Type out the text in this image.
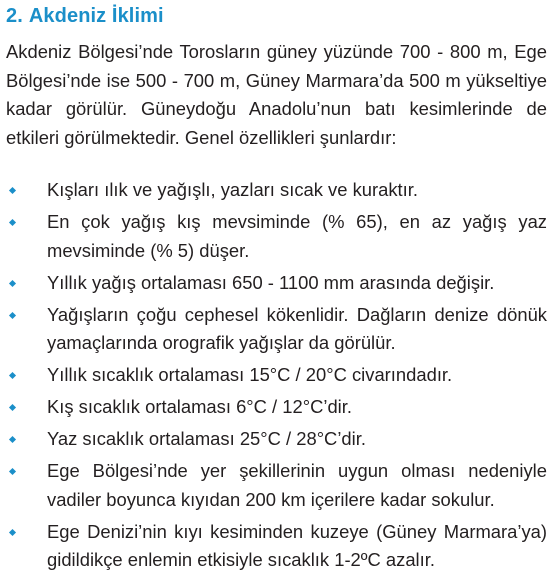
2. Akdeniz İklimi

Akdeniz Bölgesi’nde Torosların güney yüzünde 700 - 800 m, Ege Bölgesi’nde ise 500 - 700 m, Güney Marmara’da 500 m yükseltiye kadar görülür. Güneydoğu Anadolu’nun batı kesimlerinde de etkileri görülmektedir. Genel özellikleri şunlardır:

Kışları ılık ve yağışlı, yazları sıcak ve kuraktır.
En çok yağış kış mevsiminde (% 65), en az yağış yaz mevsiminde (% 5) düşer.
Yıllık yağış ortalaması 650 - 1100 mm arasında değişir.
Yağışların çoğu cephesel kökenlidir. Dağların denize dönük yamaçlarında orografik yağışlar da görülür.
Yıllık sıcaklık ortalaması 15°C / 20°C civarındadır.
Kış sıcaklık ortalaması 6°C / 12°C’dir.
Yaz sıcaklık ortalaması 25°C / 28°C’dir.
Ege Bölgesi’nde yer şekillerinin uygun olması nedeniyle vadiler boyunca kıyıdan 200 km içerilere kadar sokulur.
Ege Denizi’nin kıyı kesiminden kuzeye (Güney Marmara’ya) gidildikçe enlemin etkisiyle sıcaklık 1-2ºC azalır.
